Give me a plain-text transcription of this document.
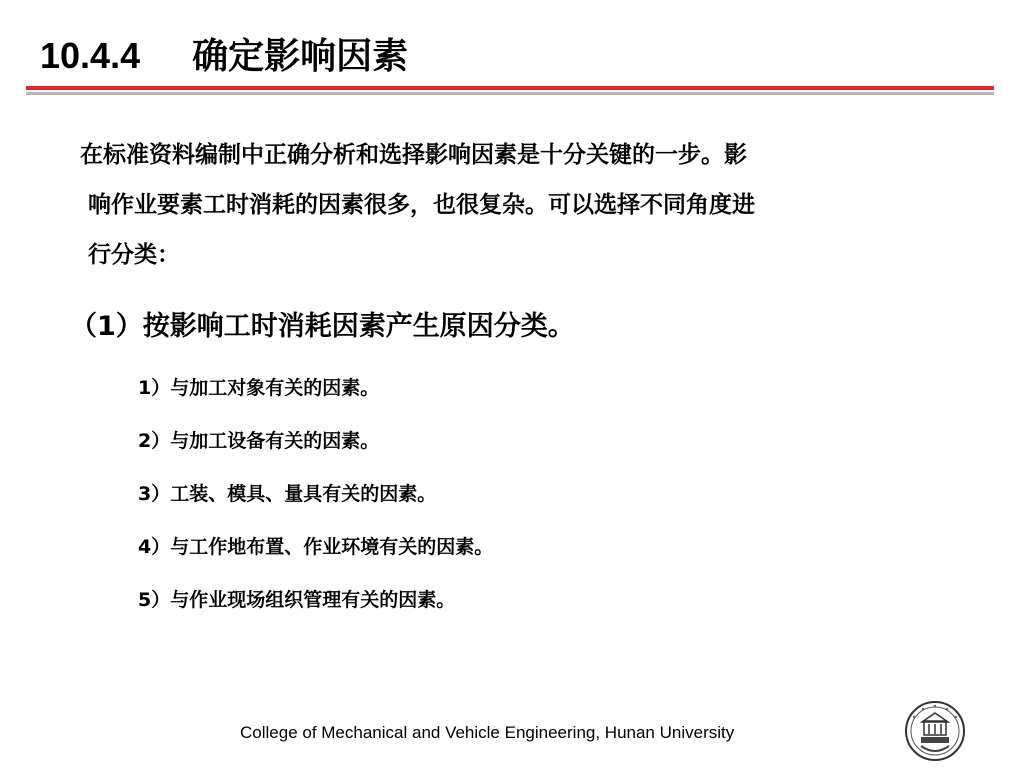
10.4.4 确定影响因素

在标准资料编制中正确分析和选择影响因素是十分关键的一步。影

响作业要素工时消耗的因素很多，也很复杂。可以选择不同角度进

行分类：

（1）按影响工时消耗因素产生原因分类。
1）与加工对象有关的因素。
2）与加工设备有关的因素。
3）工装、模具、量具有关的因素。
4）与工作地布置、作业环境有关的因素。
5）与作业现场组织管理有关的因素。
College of Mechanical and Vehicle Engineering, Hunan University
